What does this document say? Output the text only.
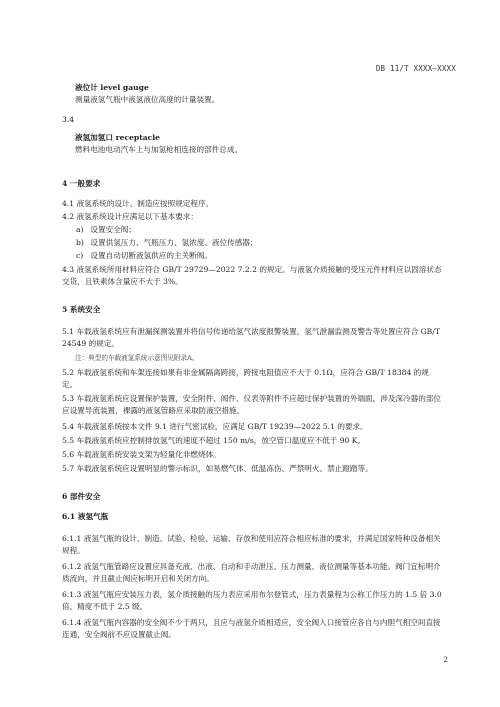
DB 11/T XXXX—XXXX
液位计 level gauge
测量液氢气瓶中液氢液位高度的计量装置。
3.4
液氢加氢口 receptacle
燃料电池电动汽车上与加氢枪相连接的部件总成。
4 一般要求
4.1 液氢系统的设计、制造应按照规定程序。
4.2 液氢系统设计应满足以下基本要求：
a) 设置安全阀；
b) 设置供氢压力、气瓶压力、氢浓度、液位传感器；
c) 设置自动切断液氢供应的主关断阀。
4.3 液氢系统所用材料应符合 GB/T 29729—2022 7.2.2 的规定。与液氢介质接触的受压元件材料应以固溶状态交货，且铁素体含量应不大于 3%。
5 系统安全
5.1 车载液氢系统应有泄漏探测装置并将信号传递给氢气浓度报警装置，氢气泄漏监测及警告等处置应符合 GB/T 24549 的规定。
注：典型的车载液氢系统示意图见附录A。
5.2 车载液氢系统和车架连接如果有非金属隔离跨接，跨接电阻值应不大于 0.1Ω，应符合 GB/T 18384 的规定。
5.3 车载液氢系统应设置保护装置，安全附件、阀件、仪表等附件不应超过保护装置的外端面，涉及深冷器的部位应设置导流装置，裸露的液氢管路应采取防液空措施。
5.4 车载液氢系统按本文件 9.1 进行气密试验，应满足 GB/T 19239—2022 5.1 的要求。
5.5 车载液氢系统应控制排放氢气的速度不超过 150 m/s，放空管口温度应不低于 90 K。
5.6 车载液氢系统安装支架为轻量化非燃烧体。
5.7 车载液氢系统应设置明显的警示标识，如易燃气体、低温冻伤、严禁明火、禁止蹬踏等。
6 部件安全
6.1 液氢气瓶
6.1.1 液氢气瓶的设计、制造、试验、检验、运输、存放和使用应符合相应标准的要求，并满足国家特种设备相关规程。
6.1.2 液氢气瓶管路应设置应具备充液、出液、自动和手动泄压、压力测量、液位测量等基本功能。阀门宜标明介质流向，并且截止阀应标明开启和关闭方向。
6.1.3 液氢气瓶应安装压力表，氢介质接触的压力表应采用布尔登管式，压力表量程为公称工作压力的 1.5 倍 3.0 倍，精度不低于 2.5 级。
6.1.4 液氢气瓶内容器的安全阀不少于两只，且应与液氢介质相适应，安全阀入口接管应各自与内胆气相空间直接连通，安全阀前不应设置截止阀。
2
